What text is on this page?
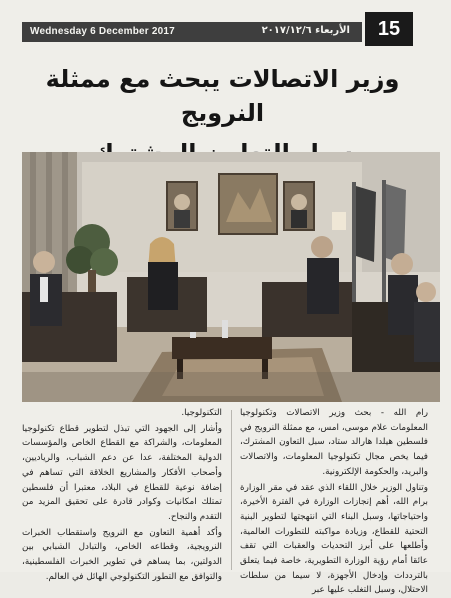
Wednesday 6 December 2017	الأربعاء ٢٠١٧/١٢/٦	15
وزير الاتصالات يبحث مع ممثلة النرويج

رام الله - بحث وزير الاتصالات وتكنولوجيا المعلومات علام موسى، امس، مع ممثلة النرويج في فلسطين هيلدا هارالد ستاد، سبل التعاون المشترك، فيما يخص مجال تكنولوجيا المعلومات، والاتصالات والبريد، والحكومة الإلكترونية.

وتناول الوزير خلال اللقاء الذي عقد في مقر الوزارة برام الله، أهم إنجازات الوزارة في الفترة الأخيرة، واحتياجاتها، وسبل البناء التي انتهجتها لتطوير البنية التحتية للقطاع، وزيادة مواكبته للتطورات العالمية، وأطلعها على أبرز التحديات والعقبات التي تقف عائقا أمام رؤية الوزارة التطويرية، خاصة فيما يتعلق بالترددات وإدخال الأجهزة، لا سيما من سلطات الاحتلال، وسبل التغلب عليها عبر

التكنولوجيا.

وأشار إلى الجهود التي تبذل لتطوير قطاع تكنولوجيا المعلومات، والشراكة مع القطاع الخاص والمؤسسات الدولية المختلفة، عدا عن دعم الشباب، والرياديين، وأصحاب الأفكار والمشاريع الخلاقة التي تساهم في إضافة نوعية للقطاع في البلاد، معتبرا أن فلسطين تمتلك امكانيات وكوادر قادرة على تحقيق المزيد من التقدم والنجاح.

وأكد أهمية التعاون مع النرويج واستقطاب الخبرات النرويجية، وقطاعه الخاص، والتبادل الشبابي بين الدولتين، بما يساهم في تطوير الخبرات الفلسطينية، والتوافق مع التطور التكنولوجي الهائل في العالم.
